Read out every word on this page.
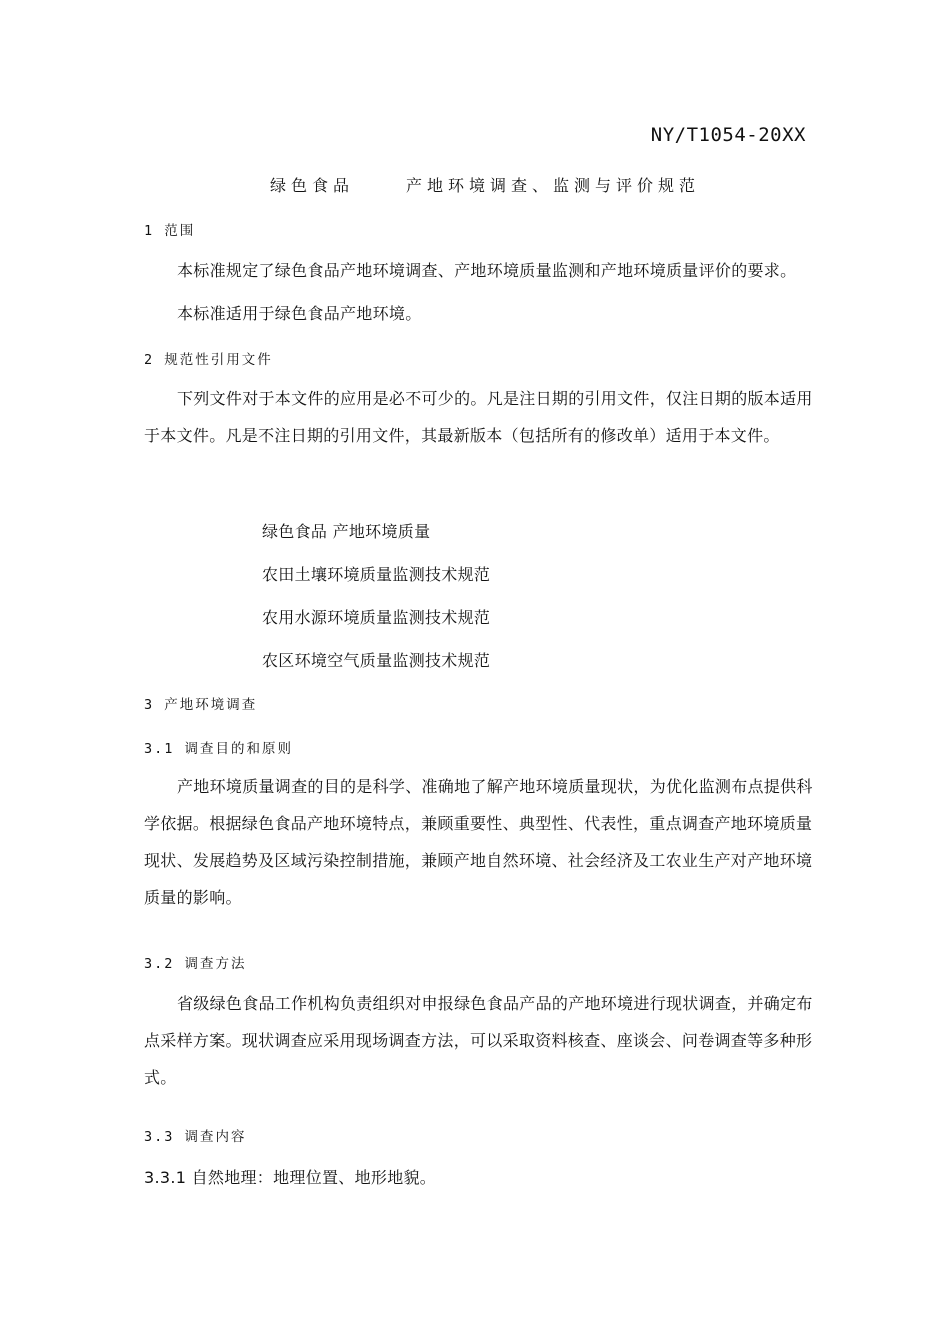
NY/T1054-20XX
绿色食品	产地环境调查、监测与评价规范
1 范围
本标准规定了绿色食品产地环境调查、产地环境质量监测和产地环境质量评价的要求。
本标准适用于绿色食品产地环境。
2 规范性引用文件
下列文件对于本文件的应用是必不可少的。凡是注日期的引用文件，仅注日期的版本适用于本文件。凡是不注日期的引用文件，其最新版本（包括所有的修改单）适用于本文件。
绿色食品 产地环境质量
农田土壤环境质量监测技术规范
农用水源环境质量监测技术规范
农区环境空气质量监测技术规范
3 产地环境调查
3.1 调查目的和原则
产地环境质量调查的目的是科学、准确地了解产地环境质量现状，为优化监测布点提供科学依据。根据绿色食品产地环境特点，兼顾重要性、典型性、代表性，重点调查产地环境质量现状、发展趋势及区域污染控制措施，兼顾产地自然环境、社会经济及工农业生产对产地环境质量的影响。
3.2 调查方法
省级绿色食品工作机构负责组织对申报绿色食品产品的产地环境进行现状调查，并确定布点采样方案。现状调查应采用现场调查方法，可以采取资料核查、座谈会、问卷调查等多种形式。
3.3 调查内容
3.3.1 自然地理：地理位置、地形地貌。
